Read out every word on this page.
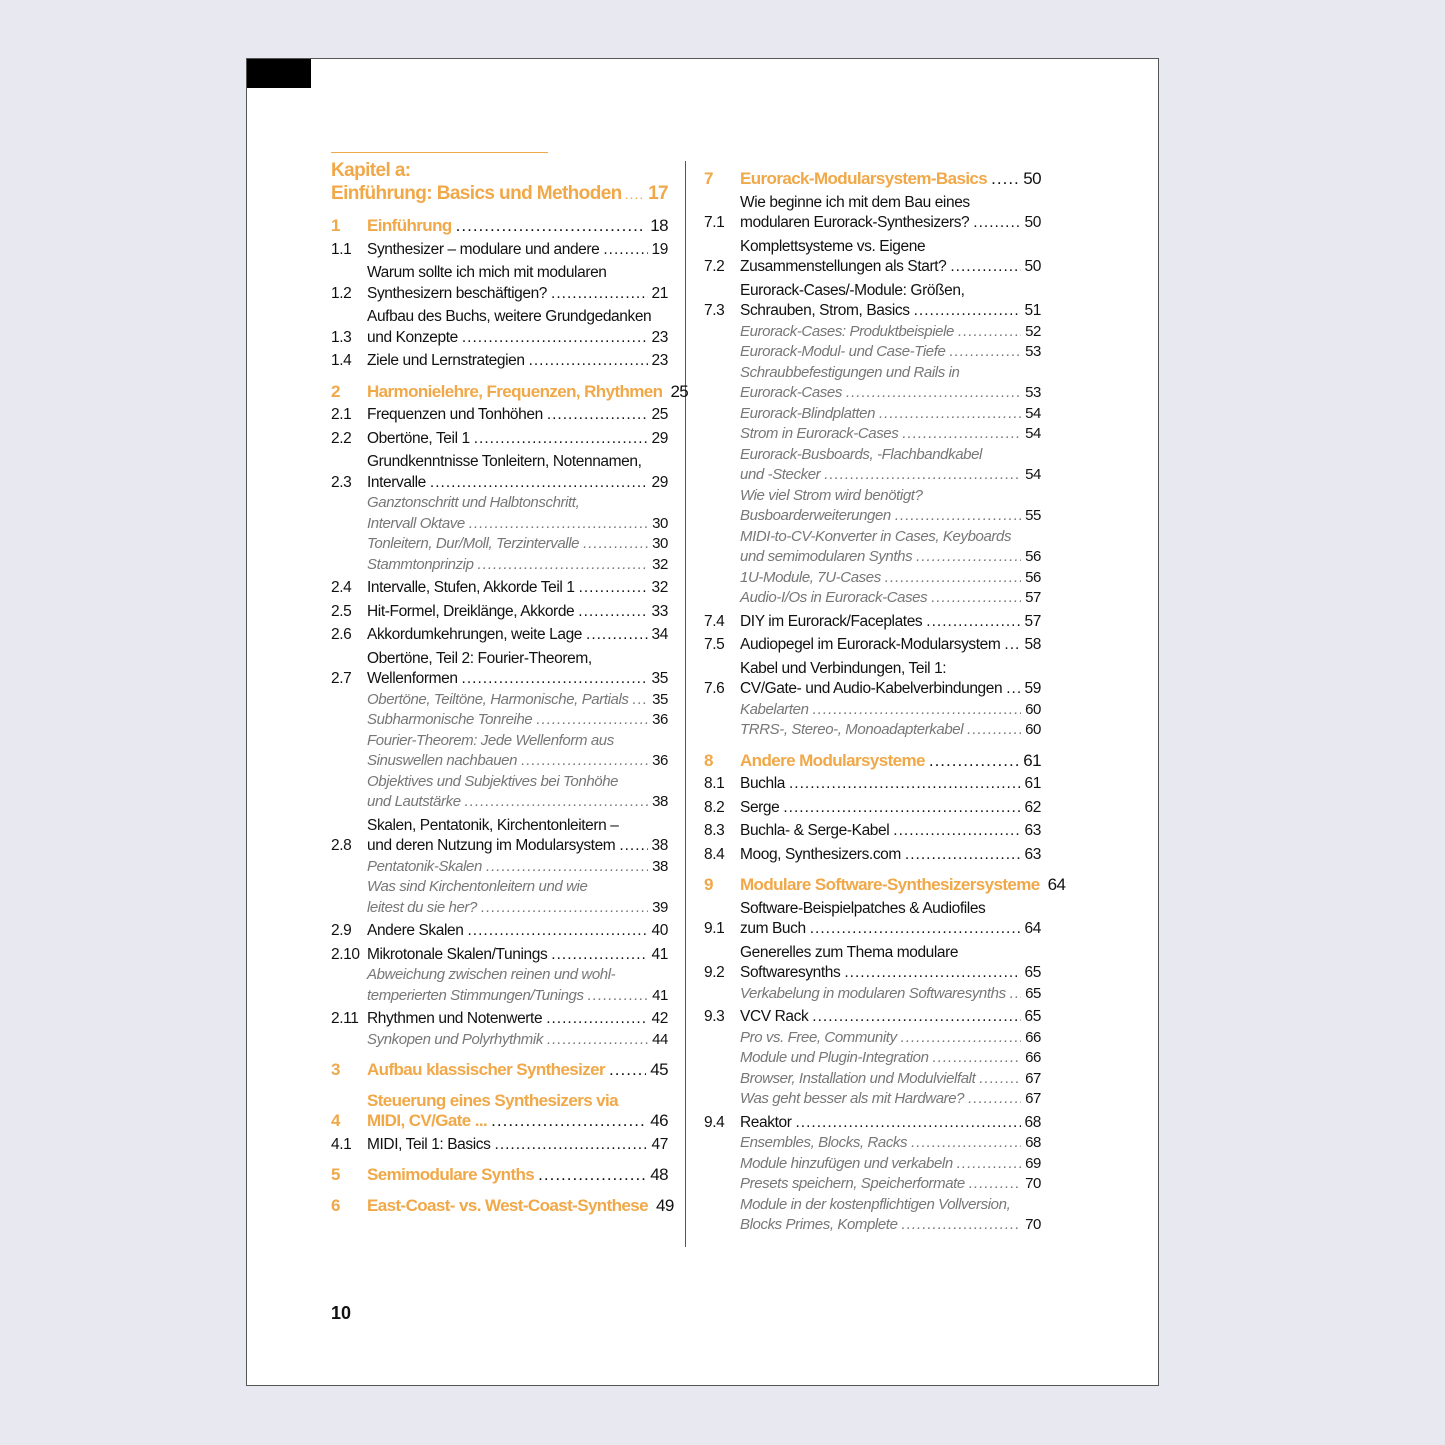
Kapitel a:
Einführung: Basics und Methoden ..... 17
1	Einführung .....	18
1.1	Synthesizer – modulare und andere .....	19
1.2
Warum sollte ich mich mit modularen
Synthesizern beschäftigen? .....	21
1.3
Aufbau des Buchs, weitere Grundgedanken
und Konzepte .....	23
1.4	Ziele und Lernstrategien .....	23
2	Harmonielehre, Frequenzen, Rhythmen 25
2.1	Frequenzen und Tonhöhen .....	25
2.2	Obertöne, Teil 1 .....	29
2.3
Grundkenntnisse Tonleitern, Notennamen,
Intervalle .....	29
Ganztonschritt und Halbtonschritt,
Intervall Oktave .....	30
Tonleitern, Dur/Moll, Terzintervalle .....	30
Stammtonprinzip .....	32
2.4	Intervalle, Stufen, Akkorde Teil 1 .....	32
2.5	Hit-Formel, Dreiklänge, Akkorde .....	33
2.6	Akkordumkehrungen, weite Lage .....	34
2.7
Obertöne, Teil 2: Fourier-Theorem,
Wellenformen .....	35
Obertöne, Teiltöne, Harmonische, Partials ..... 35
Subharmonische Tonreihe .....	36
Fourier-Theorem: Jede Wellenform aus
Sinuswellen nachbauen .....	36
Objektives und Subjektives bei Tonhöhe
und Lautstärke .....	38
2.8
Skalen, Pentatonik, Kirchentonleitern –
und deren Nutzung im Modularsystem ..... 38
Pentatonik-Skalen .....	38
Was sind Kirchentonleitern und wie
leitest du sie her? .....	39
2.9	Andere Skalen .....	40
2.10 Mikrotonale Skalen/Tunings .....	41
Abweichung zwischen reinen und wohl-
temperierten Stimmungen/Tunings .....	41
2.11 Rhythmen und Notenwerte .....	42
Synkopen und Polyrhythmik .....	44
3	Aufbau klassischer Synthesizer .....	45
4
Steuerung eines Synthesizers via
MIDI, CV/Gate ... .....	46
4.1	MIDI, Teil 1: Basics .....	47
5	Semimodulare Synths .....	48
6	East-Coast- vs. West-Coast-Synthese 49
7	Eurorack-Modularsystem-Basics ..... 50
7.1
Wie beginne ich mit dem Bau eines
modularen Eurorack-Synthesizers? .....	50
7.2
Komplettsysteme vs. Eigene
Zusammenstellungen als Start? .....	50
7.3
Eurorack-Cases/-Module: Größen,
Schrauben, Strom, Basics .....	51
Eurorack-Cases: Produktbeispiele .....	52
Eurorack-Modul- und Case-Tiefe .....	53
Schraubbefestigungen und Rails in
Eurorack-Cases .....	53
Eurorack-Blindplatten .....	54
Strom in Eurorack-Cases .....	54
Eurorack-Busboards, -Flachbandkabel
und -Stecker .....	54
Wie viel Strom wird benötigt?
Busboarderweiterungen .....	55
MIDI-to-CV-Konverter in Cases, Keyboards
und semimodularen Synths .....	56
1U-Module, 7U-Cases .....	56
Audio-I/Os in Eurorack-Cases .....	57
7.4	DIY im Eurorack/Faceplates .....	57
7.5	Audiopegel im Eurorack-Modularsystem ..... 58
7.6
Kabel und Verbindungen, Teil 1:
CV/Gate- und Audio-Kabelverbindungen ..... 59
Kabelarten .....	60
TRRS-, Stereo-, Monoadapterkabel .....	60
8	Andere Modularsysteme .....	61
8.1	Buchla .....	61
8.2	Serge .....	62
8.3	Buchla- & Serge-Kabel .....	63
8.4	Moog, Synthesizers.com .....	63
9	Modulare Software-Synthesizersysteme 64
9.1
Software-Beispielpatches & Audiofiles
zum Buch .....	64
9.2
Generelles zum Thema modulare
Softwaresynths .....	65
Verkabelung in modularen Softwaresynths ..... 65
9.3	VCV Rack .....	65
Pro vs. Free, Community .....	66
Module und Plugin-Integration .....	66
Browser, Installation und Modulvielfalt .....	67
Was geht besser als mit Hardware? .....	67
9.4	Reaktor .....	68
Ensembles, Blocks, Racks .....	68
Module hinzufügen und verkabeln .....	69
Presets speichern, Speicherformate .....	70
Module in der kostenpflichtigen Vollversion,
Blocks Primes, Komplete .....	70
10
